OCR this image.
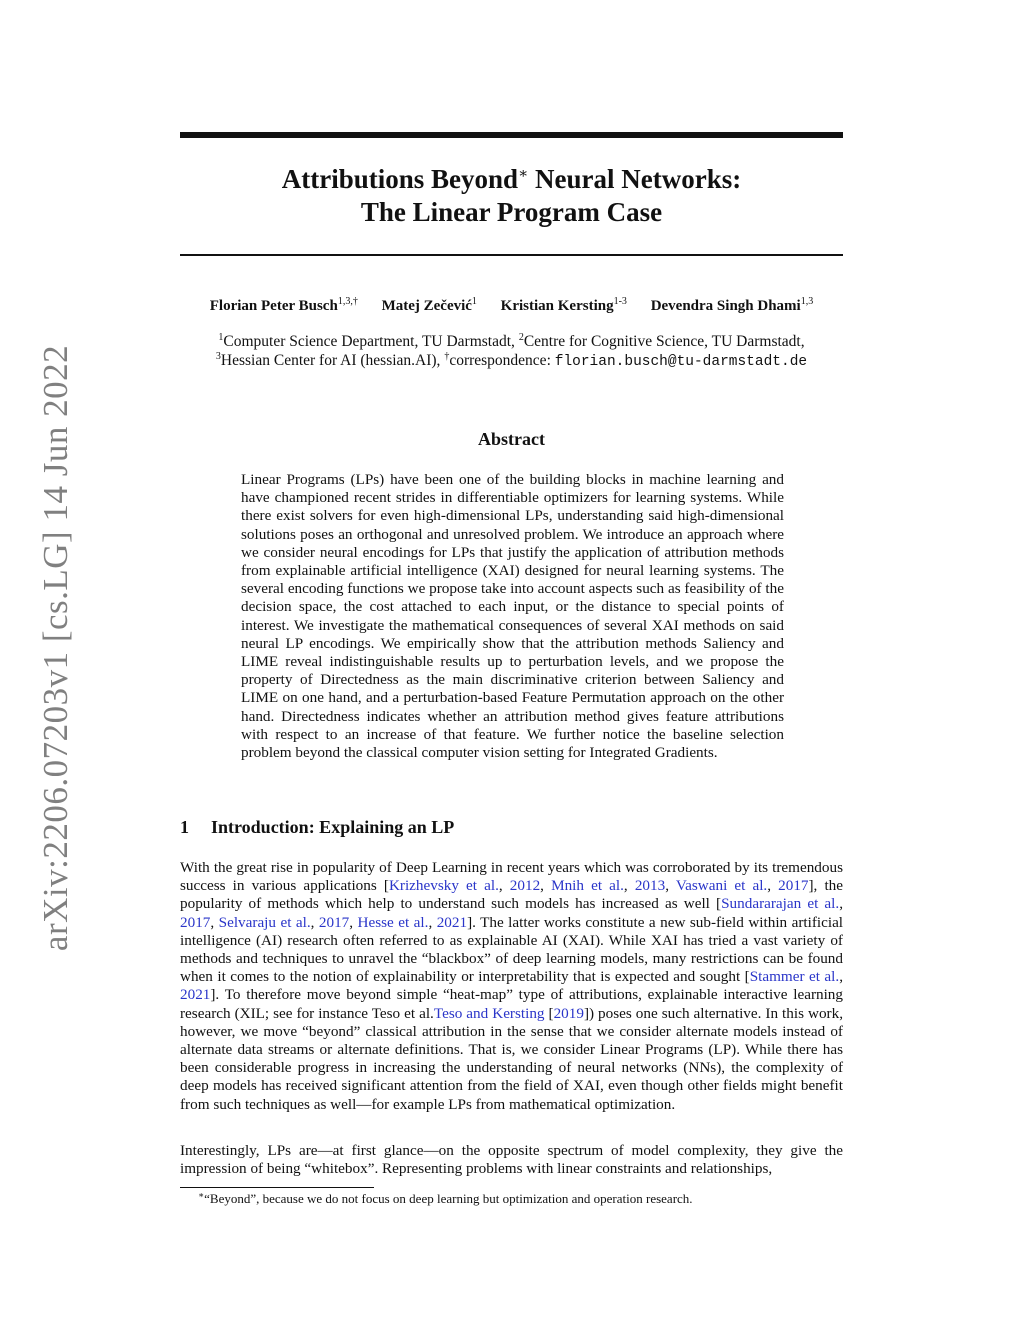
arXiv:2206.07203v1 [cs.LG] 14 Jun 2022
Attributions Beyond∗ Neural Networks:
The Linear Program Case
Florian Peter Busch$^{1,3,\dagger}$ Matej Zečević$^1$ Kristian Kersting$^{1-3}$ Devendra Singh Dhami$^{1,3}$
$^1$Computer Science Department, TU Darmstadt, $^2$Centre for Cognitive Science, TU Darmstadt,
$^3$Hessian Center for AI (hessian.AI), †correspondence: florian.busch@tu-darmstadt.de
Abstract
Linear Programs (LPs) have been one of the building blocks in machine learning and have championed recent strides in differentiable optimizers for learning systems. While there exist solvers for even high-dimensional LPs, understanding said high-dimensional solutions poses an orthogonal and unresolved problem. We introduce an approach where we consider neural encodings for LPs that justify the application of attribution methods from explainable artificial intelligence (XAI) designed for neural learning systems. The several encoding functions we propose take into account aspects such as feasibility of the decision space, the cost attached to each input, or the distance to special points of interest. We investigate the mathematical consequences of several XAI methods on said neural LP encodings. We empirically show that the attribution methods Saliency and LIME reveal indistinguishable results up to perturbation levels, and we propose the property of Directedness as the main discriminative criterion between Saliency and LIME on one hand, and a perturbation-based Feature Permutation approach on the other hand. Directedness indicates whether an attribution method gives feature attributions with respect to an increase of that feature. We further notice the baseline selection problem beyond the classical computer vision setting for Integrated Gradients.
1 Introduction: Explaining an LP
With the great rise in popularity of Deep Learning in recent years which was corroborated by its tremendous success in various applications [Krizhevsky et al., 2012, Mnih et al., 2013, Vaswani et al., 2017], the popularity of methods which help to understand such models has increased as well [Sundararajan et al., 2017, Selvaraju et al., 2017, Hesse et al., 2021]. The latter works constitute a new sub-field within artificial intelligence (AI) research often referred to as explainable AI (XAI). While XAI has tried a vast variety of methods and techniques to unravel the “blackbox” of deep learning models, many restrictions can be found when it comes to the notion of explainability or interpretability that is expected and sought [Stammer et al., 2021]. To therefore move beyond simple “heat-map” type of attributions, explainable interactive learning research (XIL; see for instance Teso et al.Teso and Kersting [2019]) poses one such alternative. In this work, however, we move “beyond” classical attribution in the sense that we consider alternate models instead of alternate data streams or alternate definitions. That is, we consider Linear Programs (LP). While there has been considerable progress in increasing the understanding of neural networks (NNs), the complexity of deep models has received significant attention from the field of XAI, even though other fields might benefit from such techniques as well—for example LPs from mathematical optimization.
Interestingly, LPs are—at first glance—on the opposite spectrum of model complexity, they give the impression of being “whitebox”. Representing problems with linear constraints and relationships,
∗“Beyond”, because we do not focus on deep learning but optimization and operation research.
